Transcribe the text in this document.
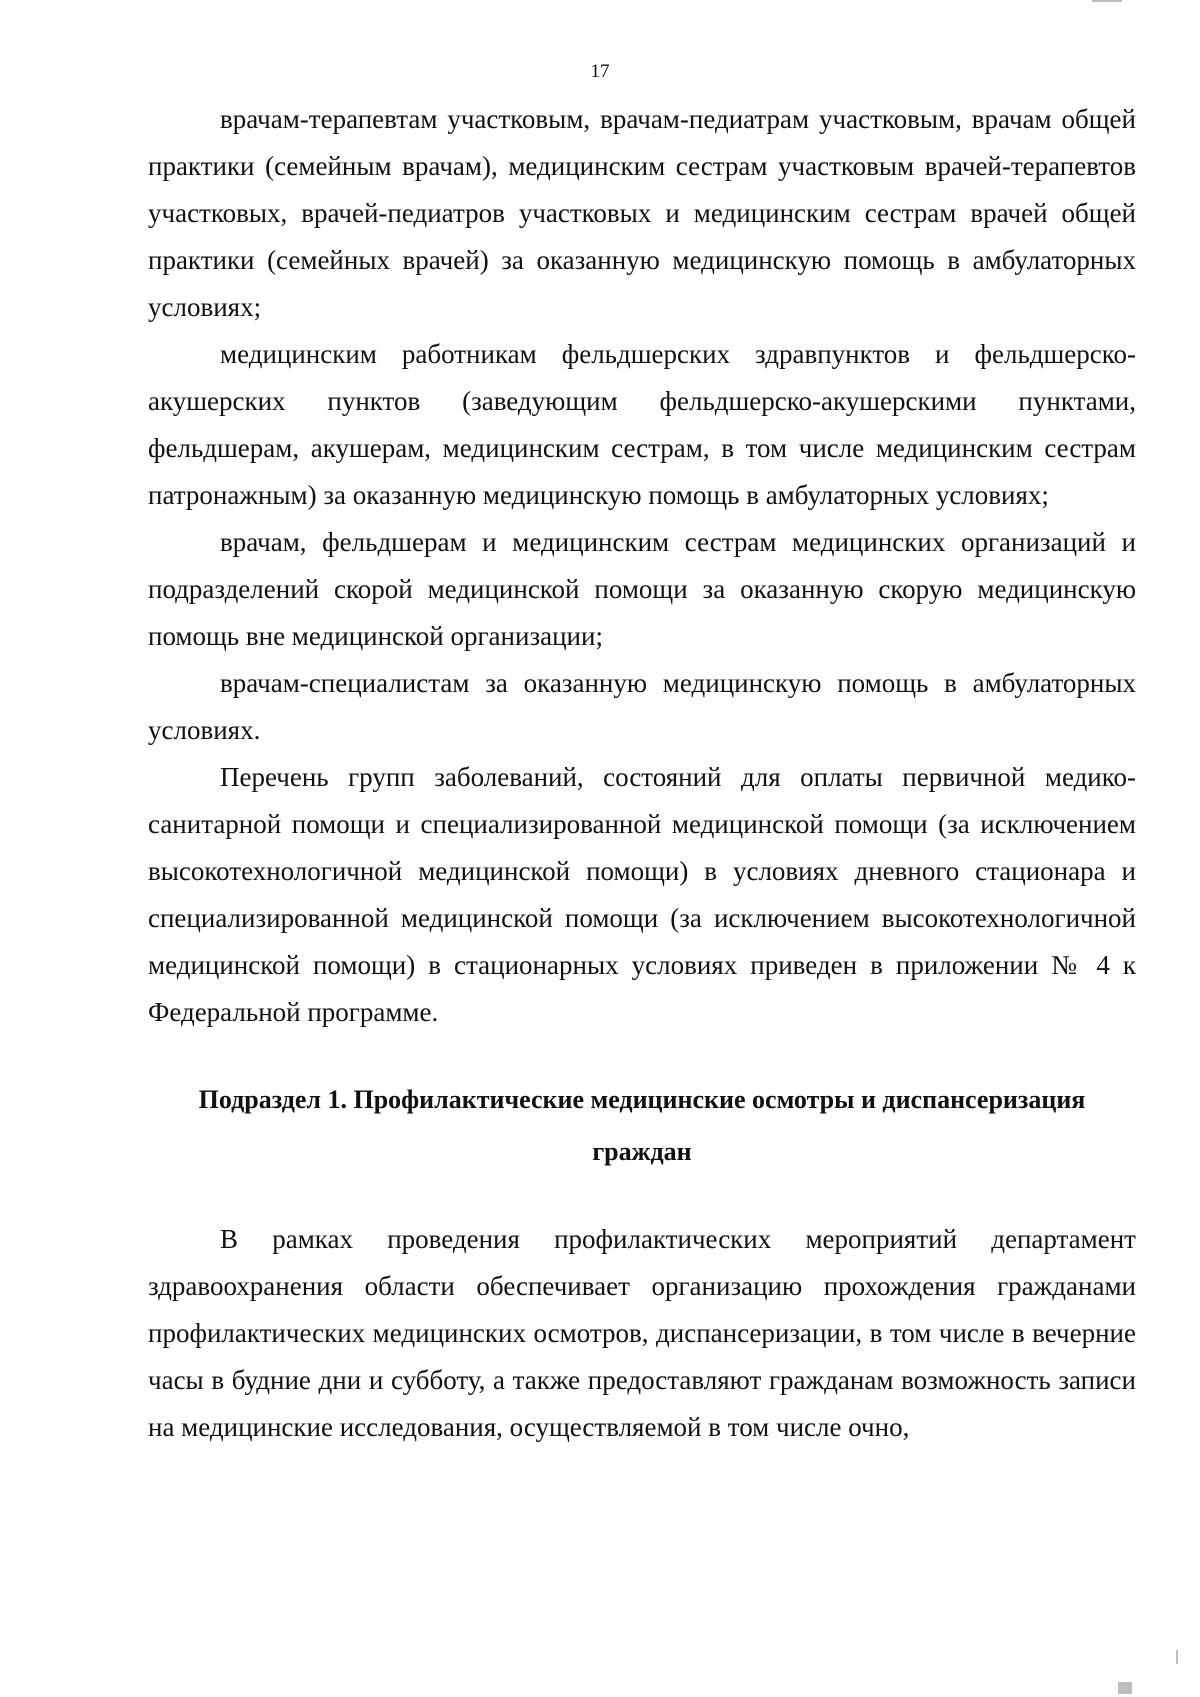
17

врачам-терапевтам участковым, врачам-педиатрам участковым, врачам общей практики (семейным врачам), медицинским сестрам участковым врачей-терапевтов участковых, врачей-педиатров участковых и медицинским сестрам врачей общей практики (семейных врачей) за оказанную медицинскую помощь в амбулаторных условиях;

медицинским работникам фельдшерских здравпунктов и фельдшерско-акушерских пунктов (заведующим фельдшерско-акушерскими пунктами, фельдшерам, акушерам, медицинским сестрам, в том числе медицинским сестрам патронажным) за оказанную медицинскую помощь в амбулаторных условиях;

врачам, фельдшерам и медицинским сестрам медицинских организаций и подразделений скорой медицинской помощи за оказанную скорую медицинскую помощь вне медицинской организации;

врачам-специалистам за оказанную медицинскую помощь в амбулаторных условиях.

Перечень групп заболеваний, состояний для оплаты первичной медико-санитарной помощи и специализированной медицинской помощи (за исключением высокотехнологичной медицинской помощи) в условиях дневного стационара и специализированной медицинской помощи (за исключением высокотехнологичной медицинской помощи) в стационарных условиях приведен в приложении № 4 к Федеральной программе.

Подраздел 1. Профилактические медицинские осмотры и диспансеризация граждан

В рамках проведения профилактических мероприятий департамент здравоохранения области обеспечивает организацию прохождения гражданами профилактических медицинских осмотров, диспансеризации, в том числе в вечерние часы в будние дни и субботу, а также предоставляют гражданам возможность записи на медицинские исследования, осуществляемой в том числе очно,
